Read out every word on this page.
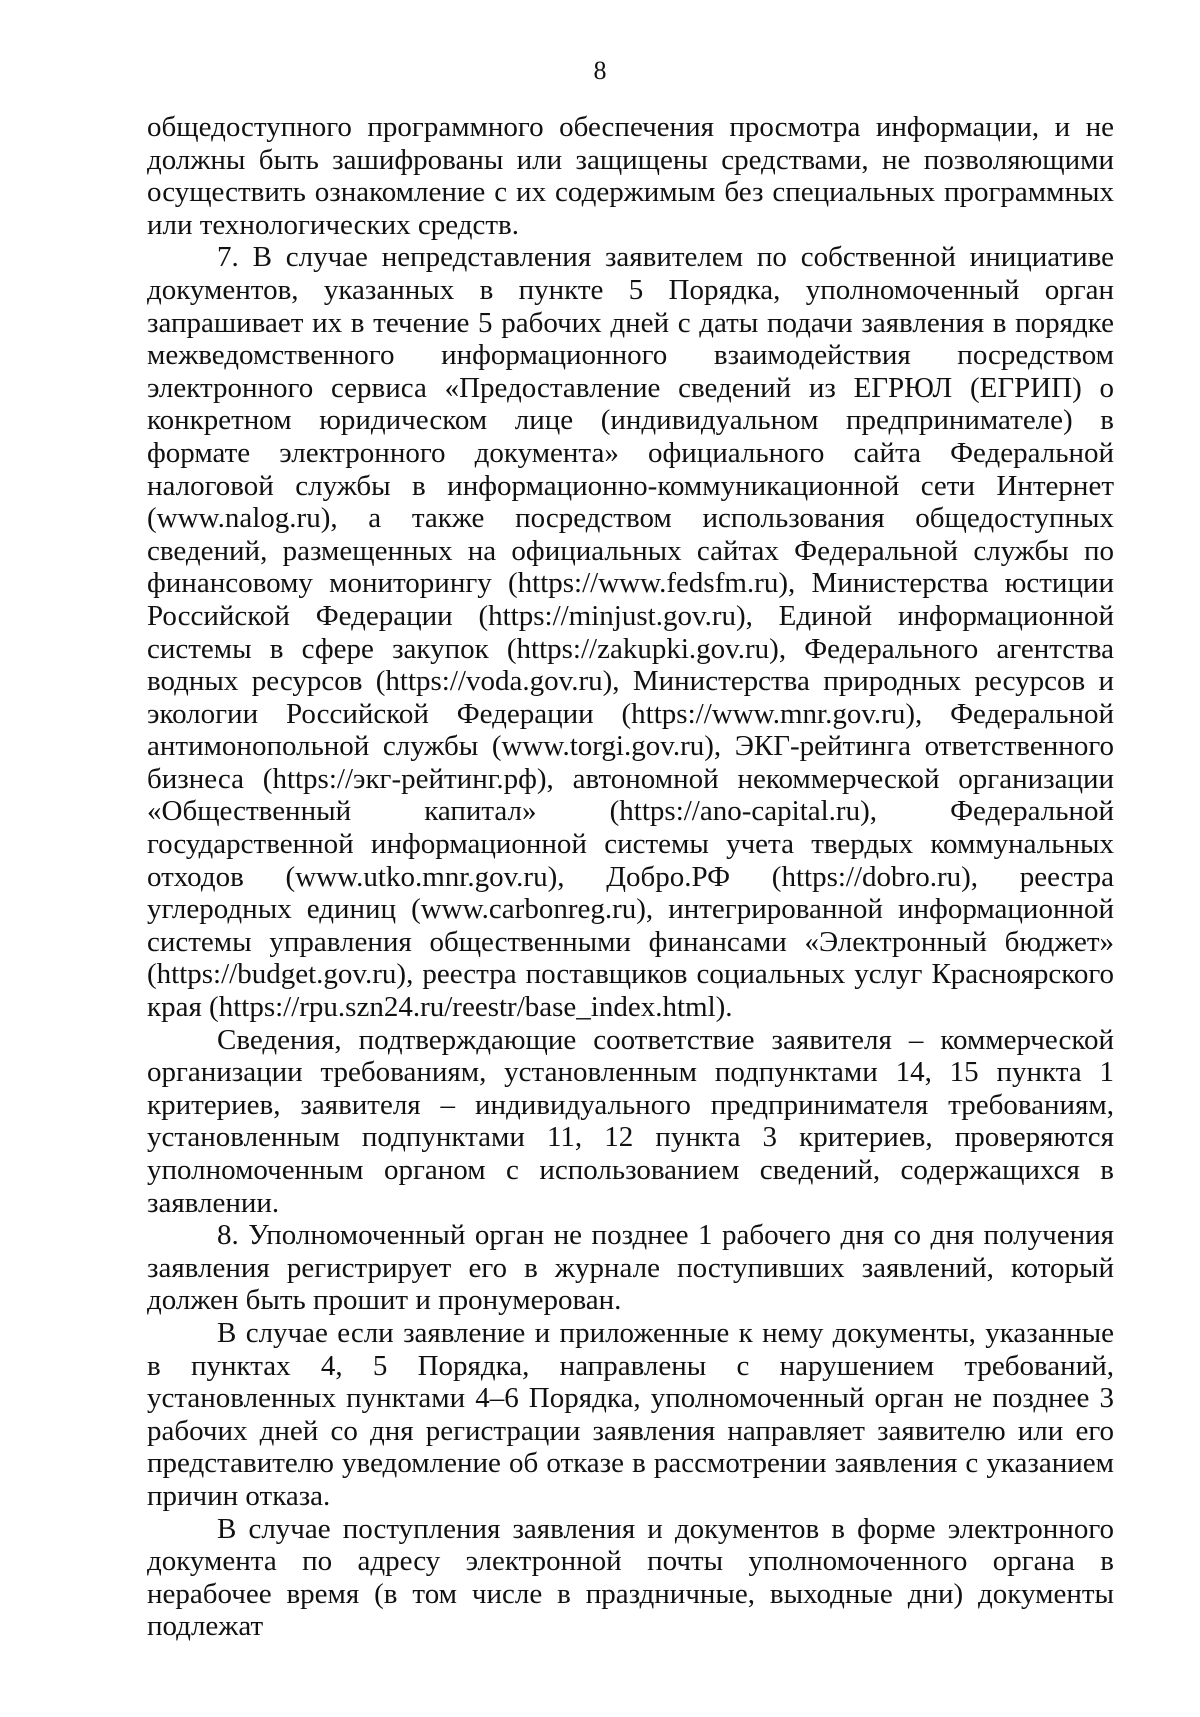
8

общедоступного программного обеспечения просмотра информации, и не должны быть зашифрованы или защищены средствами, не позволяющими осуществить ознакомление с их содержимым без специальных программных или технологических средств.

7. В случае непредставления заявителем по собственной инициативе документов, указанных в пункте 5 Порядка, уполномоченный орган запрашивает их в течение 5 рабочих дней с даты подачи заявления в порядке межведомственного информационного взаимодействия посредством электронного сервиса «Предоставление сведений из ЕГРЮЛ (ЕГРИП) о конкретном юридическом лице (индивидуальном предпринимателе) в формате электронного документа» официального сайта Федеральной налоговой службы в информационно-коммуникационной сети Интернет (www.nalog.ru), а также посредством использования общедоступных сведений, размещенных на официальных сайтах Федеральной службы по финансовому мониторингу (https://www.fedsfm.ru), Министерства юстиции Российской Федерации (https://minjust.gov.ru), Единой информационной системы в сфере закупок (https://zakupki.gov.ru), Федерального агентства водных ресурсов (https://voda.gov.ru), Министерства природных ресурсов и экологии Российской Федерации (https://www.mnr.gov.ru), Федеральной антимонопольной службы (www.torgi.gov.ru), ЭКГ-рейтинга ответственного бизнеса (https://экг-рейтинг.рф), автономной некоммерческой организации «Общественный капитал» (https://ano-capital.ru), Федеральной государственной информационной системы учета твердых коммунальных отходов (www.utko.mnr.gov.ru), Добро.РФ (https://dobro.ru), реестра углеродных единиц (www.carbonreg.ru), интегрированной информационной системы управления общественными финансами «Электронный бюджет» (https://budget.gov.ru), реестра поставщиков социальных услуг Красноярского края (https://rpu.szn24.ru/reestr/base_index.html).

Сведения, подтверждающие соответствие заявителя – коммерческой организации требованиям, установленным подпунктами 14, 15 пункта 1 критериев, заявителя – индивидуального предпринимателя требованиям, установленным подпунктами 11, 12 пункта 3 критериев, проверяются уполномоченным органом с использованием сведений, содержащихся в заявлении.

8. Уполномоченный орган не позднее 1 рабочего дня со дня получения заявления регистрирует его в журнале поступивших заявлений, который должен быть прошит и пронумерован.

В случае если заявление и приложенные к нему документы, указанные в пунктах 4, 5 Порядка, направлены с нарушением требований, установленных пунктами 4–6 Порядка, уполномоченный орган не позднее 3 рабочих дней со дня регистрации заявления направляет заявителю или его представителю уведомление об отказе в рассмотрении заявления с указанием причин отказа.

В случае поступления заявления и документов в форме электронного документа по адресу электронной почты уполномоченного органа в нерабочее время (в том числе в праздничные, выходные дни) документы подлежат
